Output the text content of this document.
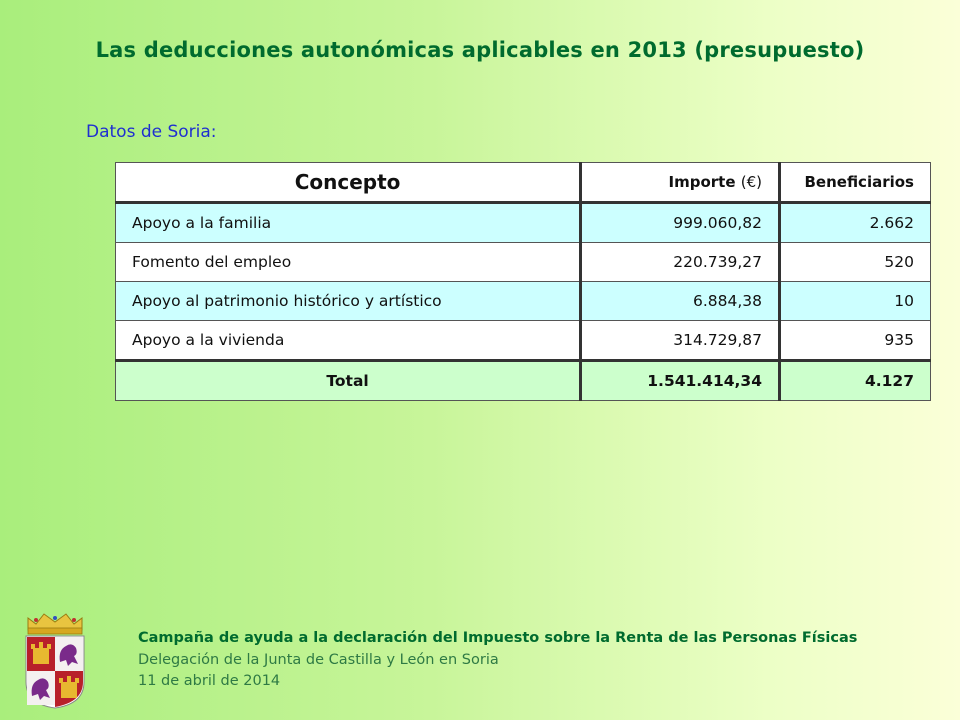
Las deducciones autonómicas aplicables en 2013 (presupuesto)
Datos de Soria:
Concepto	Importe (€)	Beneficiarios
Apoyo a la familia	999.060,82	2.662
Fomento del empleo	220.739,27	520
Apoyo al patrimonio histórico y artístico	6.884,38	10
Apoyo a la vivienda	314.729,87	935
Total	1.541.414,34	4.127
Campaña de ayuda a la declaración del Impuesto sobre la Renta de las Personas Físicas
Delegación de la Junta de Castilla y León en Soria
11 de abril de 2014
